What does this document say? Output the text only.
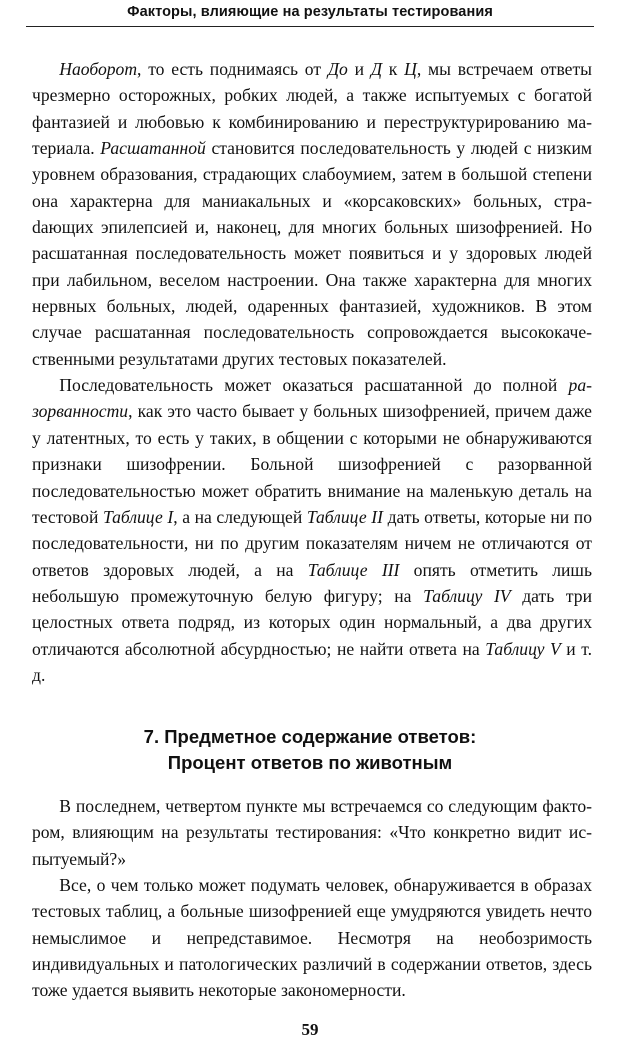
Факторы, влияющие на результаты тестирования

Наоборот, то есть поднимаясь от До и Д к Ц, мы встречаем ответы чрезмерно осторожных, робких людей, а также испытуемых с богатой фантазией и любовью к комбинированию и переструктурированию материала. Расшатанной становится последовательность у людей с низким уровнем образования, страдающих слабоумием, затем в большой степени она характерна для маниакальных и «корсаковских» больных, страdающих эпилепсией и, наконец, для многих больных шизофренией. Но расшатанная последовательность может появиться и у здоровых людей при лабильном, веселом настроении. Она также характерна для многих нервных больных, людей, одаренных фантазией, художников. В этом случае расшатанная последовательность сопровождается высококачественными результатами других тестовых показателей.

Последовательность может оказаться расшатанной до полной разорванности, как это часто бывает у больных шизофренией, причем даже у латентных, то есть у таких, в общении с которыми не обнаруживаются признаки шизофрении. Больной шизофренией с разорванной последовательностью может обратить внимание на маленькую деталь на тестовой Таблице I, а на следующей Таблице II дать ответы, которые ни по последовательности, ни по другим показателям ничем не отличаются от ответов здоровых людей, а на Таблице III опять отметить лишь небольшую промежуточную белую фигуру; на Таблицу IV дать три целостных ответа подряд, из которых один нормальный, а два других отличаются абсолютной абсурдностью; не найти ответа на Таблицу V и т. д.

7. Предметное содержание ответов:
Процент ответов по животным

В последнем, четвертом пункте мы встречаемся со следующим фактором, влияющим на результаты тестирования: «Что конкретно видит испытуемый?»

Все, о чем только может подумать человек, обнаруживается в образах тестовых таблиц, а больные шизофренией еще умудряются увидеть нечто немыслимое и непредставимое. Несмотря на необозримость индивидуальных и патологических различий в содержании ответов, здесь тоже удается выявить некоторые закономерности.

59
